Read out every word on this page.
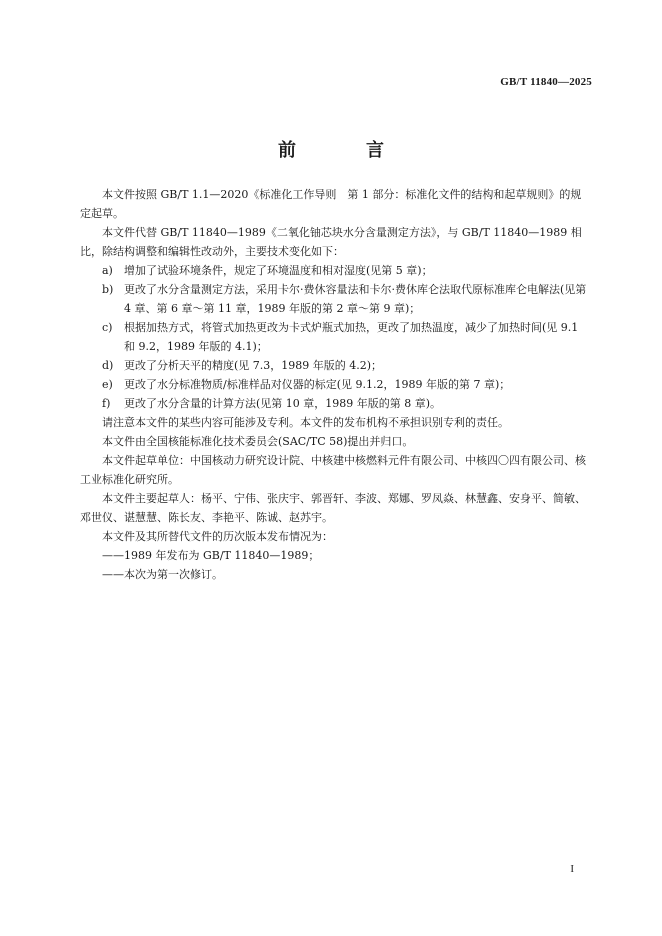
GB/T 11840—2025
前　言

本文件按照 GB/T 1.1—2020《标准化工作导则　第 1 部分：标准化文件的结构和起草规则》的规定起草。

本文件代替 GB/T 11840—1989《二氧化铀芯块水分含量测定方法》，与 GB/T 11840—1989 相比，除结构调整和编辑性改动外，主要技术变化如下：

a)	增加了试验环境条件，规定了环境温度和相对湿度(见第 5 章)；
b) 更改了水分含量测定方法，采用卡尔·费休容量法和卡尔·费休库仑法取代原标准库仑电解法(见第 4 章、第 6 章～第 11 章，1989 年版的第 2 章～第 9 章)；
c)	根据加热方式，将管式加热更改为卡式炉瓶式加热，更改了加热温度，减少了加热时间(见 9.1 和 9.2，1989 年版的 4.1)；
d) 更改了分析天平的精度(见 7.3，1989 年版的 4.2)；
e)	更改了水分标准物质/标准样品对仪器的标定(见 9.1.2，1989 年版的第 7 章)；
f)	更改了水分含量的计算方法(见第 10 章，1989 年版的第 8 章)。

请注意本文件的某些内容可能涉及专利。本文件的发布机构不承担识别专利的责任。

本文件由全国核能标准化技术委员会(SAC/TC 58)提出并归口。

本文件起草单位：中国核动力研究设计院、中核建中核燃料元件有限公司、中核四〇四有限公司、核工业标准化研究所。

本文件主要起草人：杨平、宁伟、张庆宇、郭晋轩、李波、郑娜、罗凤焱、林慧鑫、安身平、简敏、邓世仪、谌慧慧、陈长友、李艳平、陈诚、赵苏宇。

本文件及其所替代文件的历次版本发布情况为：

——1989 年发布为 GB/T 11840—1989；

——本次为第一次修订。

I
